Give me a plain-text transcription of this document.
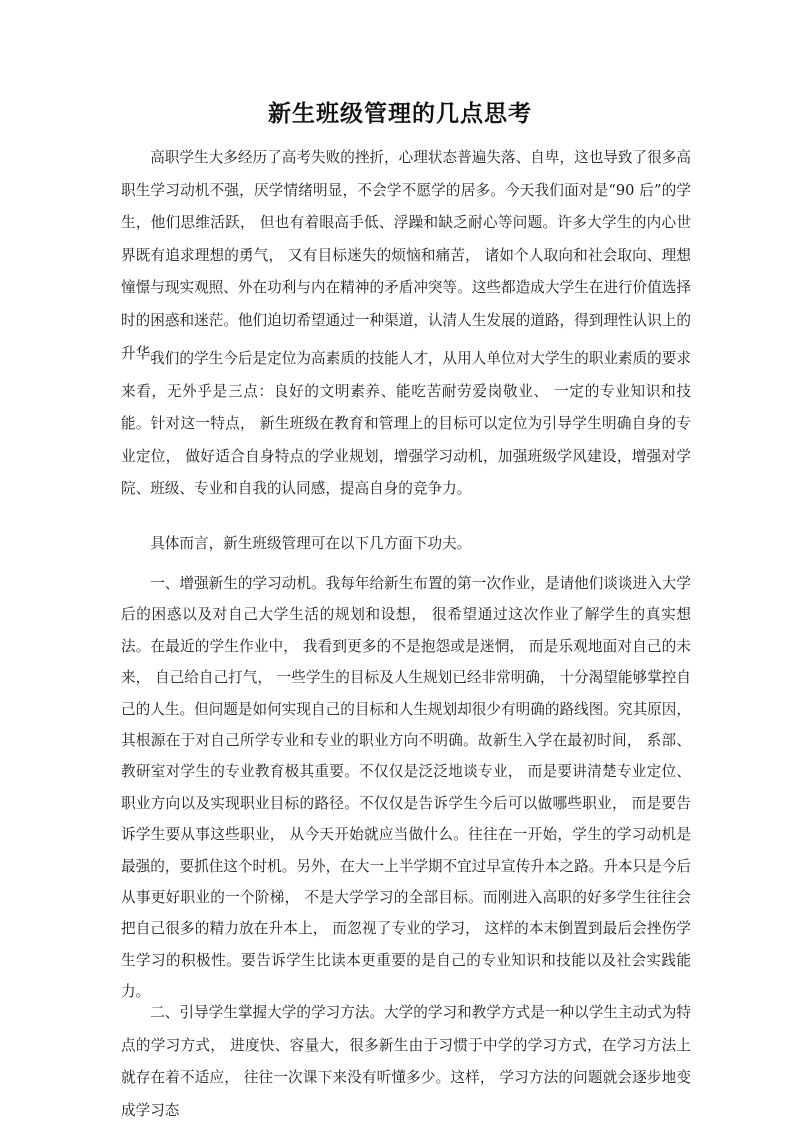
新生班级管理的几点思考

高职学生大多经历了高考失败的挫折，心理状态普遍失落、自卑，这也导致了很多高职生学习动机不强，厌学情绪明显，不会学不愿学的居多。今天我们面对是“90 后”的学生，他们思维活跃， 但也有着眼高手低、浮躁和缺乏耐心等问题。许多大学生的内心世界既有追求理想的勇气， 又有目标迷失的烦恼和痛苦， 诸如个人取向和社会取向、理想憧憬与现实观照、外在功利与内在精神的矛盾冲突等。这些都造成大学生在进行价值选择时的困惑和迷茫。他们迫切希望通过一种渠道，认清人生发展的道路，得到理性认识上的升华。

我们的学生今后是定位为高素质的技能人才，从用人单位对大学生的职业素质的要求来看，无外乎是三点：良好的文明素养、能吃苦耐劳爱岗敬业、 一定的专业知识和技能。针对这一特点， 新生班级在教育和管理上的目标可以定位为引导学生明确自身的专业定位， 做好适合自身特点的学业规划，增强学习动机，加强班级学风建设，增强对学院、班级、专业和自我的认同感，提高自身的竞争力。

具体而言，新生班级管理可在以下几方面下功夫。

一、增强新生的学习动机。我每年给新生布置的第一次作业，是请他们谈谈进入大学后的困惑以及对自己大学生活的规划和设想， 很希望通过这次作业了解学生的真实想法。在最近的学生作业中， 我看到更多的不是抱怨或是迷惘， 而是乐观地面对自己的未来， 自己给自己打气， 一些学生的目标及人生规划已经非常明确， 十分渴望能够掌控自己的人生。但问题是如何实现自己的目标和人生规划却很少有明确的路线图。究其原因， 其根源在于对自己所学专业和专业的职业方向不明确。故新生入学在最初时间， 系部、教研室对学生的专业教育极其重要。不仅仅是泛泛地谈专业， 而是要讲清楚专业定位、职业方向以及实现职业目标的路径。不仅仅是告诉学生今后可以做哪些职业， 而是要告诉学生要从事这些职业， 从今天开始就应当做什么。往往在一开始，学生的学习动机是最强的，要抓住这个时机。另外，在大一上半学期不宜过早宣传升本之路。升本只是今后从事更好职业的一个阶梯， 不是大学学习的全部目标。而刚进入高职的好多学生往往会把自己很多的精力放在升本上， 而忽视了专业的学习， 这样的本末倒置到最后会挫伤学生学习的积极性。要告诉学生比读本更重要的是自己的专业知识和技能以及社会实践能力。

二、引导学生掌握大学的学习方法。大学的学习和教学方式是一种以学生主动式为特点的学习方式， 进度快、容量大，很多新生由于习惯于中学的学习方式，在学习方法上就存在着不适应， 往往一次课下来没有听懂多少。这样， 学习方法的问题就会逐步地变成学习态
